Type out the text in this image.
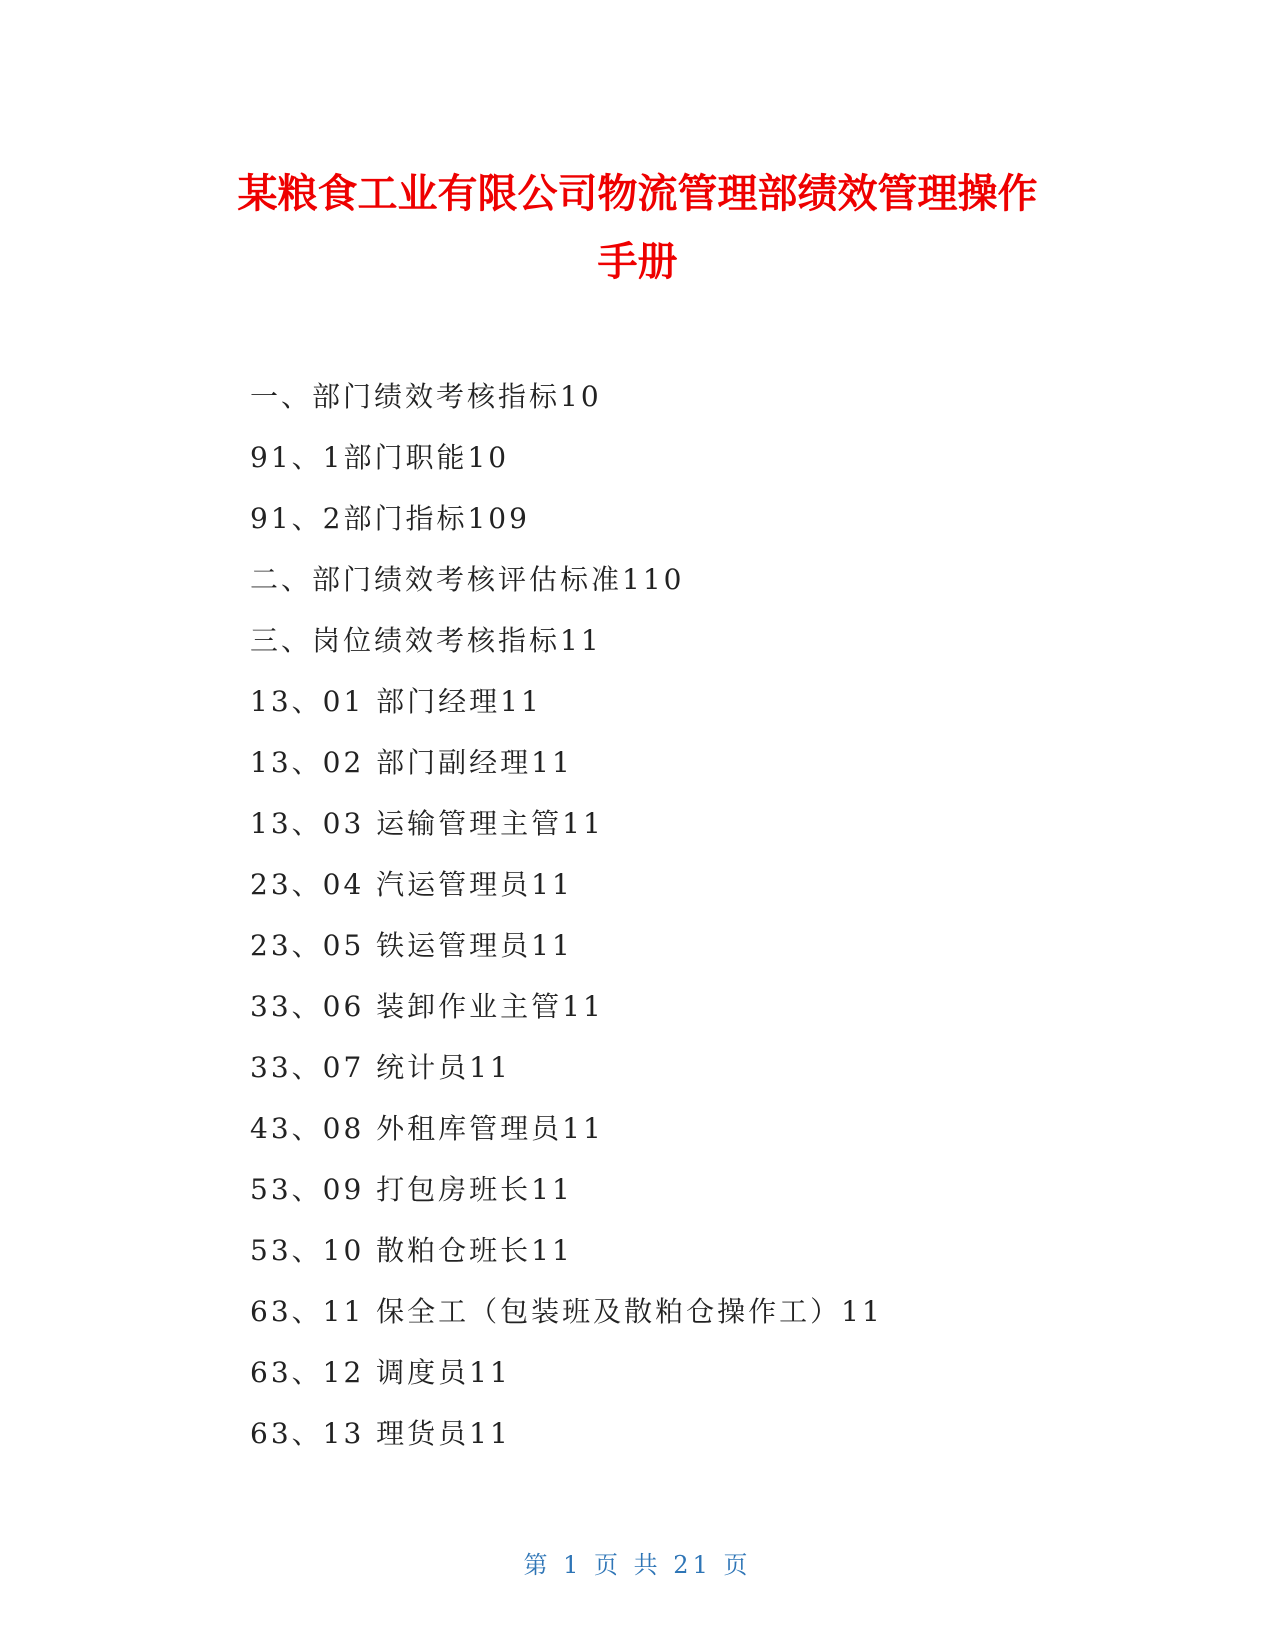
某粮食工业有限公司物流管理部绩效管理操作
手册
一、部门绩效考核指标10
91、1部门职能10
91、2部门指标109
二、部门绩效考核评估标准110
三、岗位绩效考核指标11
13、01 部门经理11
13、02 部门副经理11
13、03 运输管理主管11
23、04 汽运管理员11
23、05 铁运管理员11
33、06 装卸作业主管11
33、07 统计员11
43、08 外租库管理员11
53、09 打包房班长11
53、10 散粕仓班长11
63、11 保全工（包装班及散粕仓操作工）11
63、12 调度员11
63、13 理货员11
第 1 页 共 21 页
